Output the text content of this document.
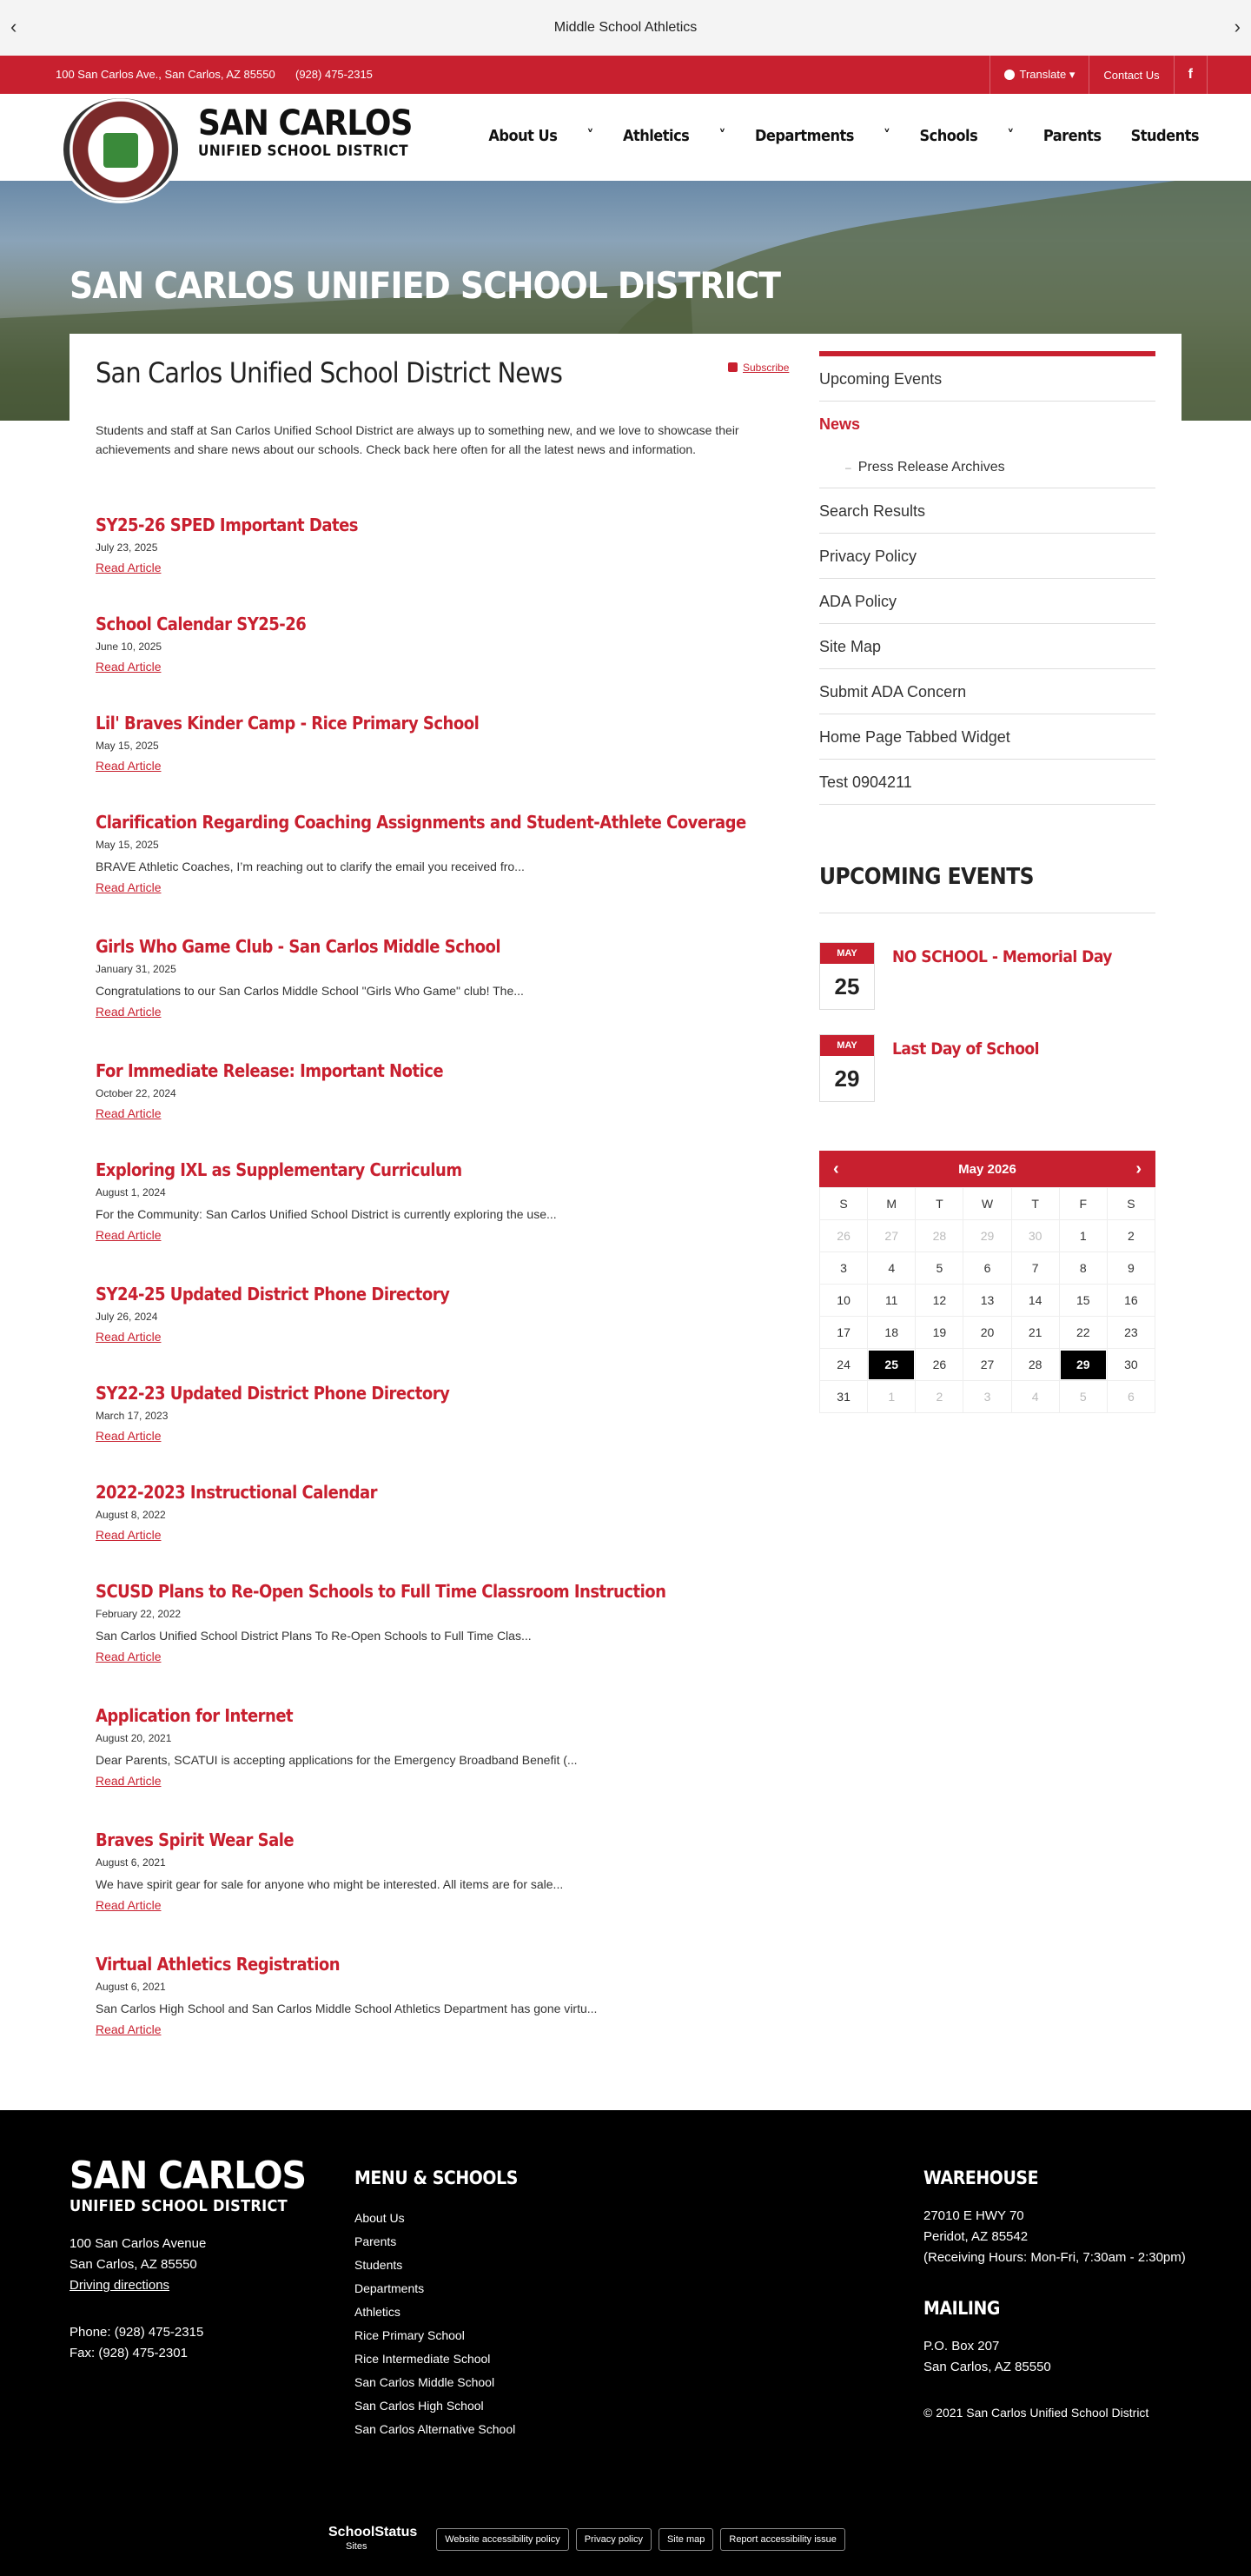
‹	Middle School Athletics	›
100 San Carlos Ave., San Carlos, AZ 85550 (928) 475-2315	Translate ▾	Contact Us	f
SAN CARLOS
UNIFIED SCHOOL DISTRICT
About Us ˅ Athletics ˅ Departments ˅ Schools ˅ Parents Students
SAN CARLOS UNIFIED SCHOOL DISTRICT
San Carlos Unified School District News	Subscribe
Students and staff at San Carlos Unified School District are always up to something new, and we love to showcase their achievements and share news about our schools. Check back here often for all the latest news and information.
SY25-26 SPED Important Dates
July 23, 2025
Read Article
School Calendar SY25-26
June 10, 2025
Read Article
Lil' Braves Kinder Camp - Rice Primary School
May 15, 2025
Read Article
Clarification Regarding Coaching Assignments and Student-Athlete Coverage
May 15, 2025
BRAVE Athletic Coaches, I’m reaching out to clarify the email you received fro...
Read Article
Girls Who Game Club - San Carlos Middle School
January 31, 2025
Congratulations to our San Carlos Middle School "Girls Who Game" club! The...
Read Article
For Immediate Release: Important Notice
October 22, 2024
Read Article
Exploring IXL as Supplementary Curriculum
August 1, 2024
For the Community: San Carlos Unified School District is currently exploring the use...
Read Article
SY24-25 Updated District Phone Directory
July 26, 2024
Read Article
SY22-23 Updated District Phone Directory
March 17, 2023
Read Article
2022-2023 Instructional Calendar
August 8, 2022
Read Article
SCUSD Plans to Re-Open Schools to Full Time Classroom Instruction
February 22, 2022
San Carlos Unified School District Plans To Re-Open Schools to Full Time Clas...
Read Article
Application for Internet
August 20, 2021
Dear Parents, SCATUI is accepting applications for the Emergency Broadband Benefit (...
Read Article
Braves Spirit Wear Sale
August 6, 2021
We have spirit gear for sale for anyone who might be interested. All items are for sale...
Read Article
Virtual Athletics Registration
August 6, 2021
San Carlos High School and San Carlos Middle School Athletics Department has gone virtu...
Read Article
Upcoming Events
News
– Press Release Archives
Search Results
Privacy Policy
ADA Policy
Site Map
Submit ADA Concern
Home Page Tabbed Widget
Test 0904211
UPCOMING EVENTS
MAY
25
NO SCHOOL - Memorial Day
MAY
29
Last Day of School
‹	May 2026	›
S	M	T	W	T	F	S
26	27	28	29	30	1	2
3	4	5	6	7	8	9
10	11	12	13	14	15	16
17	18	19	20	21	22	23
24	25	26	27	28	29	30
31	1	2	3	4	5	6
SAN CARLOS
UNIFIED SCHOOL DISTRICT
100 San Carlos Avenue
San Carlos, AZ 85550
Driving directions
Phone: (928) 475-2315
Fax: (928) 475-2301
MENU & SCHOOLS
About Us
Parents
Students
Departments
Athletics
Rice Primary School
Rice Intermediate School
San Carlos Middle School
San Carlos High School
San Carlos Alternative School
WAREHOUSE
27010 E HWY 70
Peridot, AZ 85542
(Receiving Hours: Mon-Fri, 7:30am - 2:30pm)
MAILING
P.O. Box 207
San Carlos, AZ 85550
© 2021 San Carlos Unified School District
SchoolStatus
Sites
Website accessibility policy	Privacy policy	Site map	Report accessibility issue
